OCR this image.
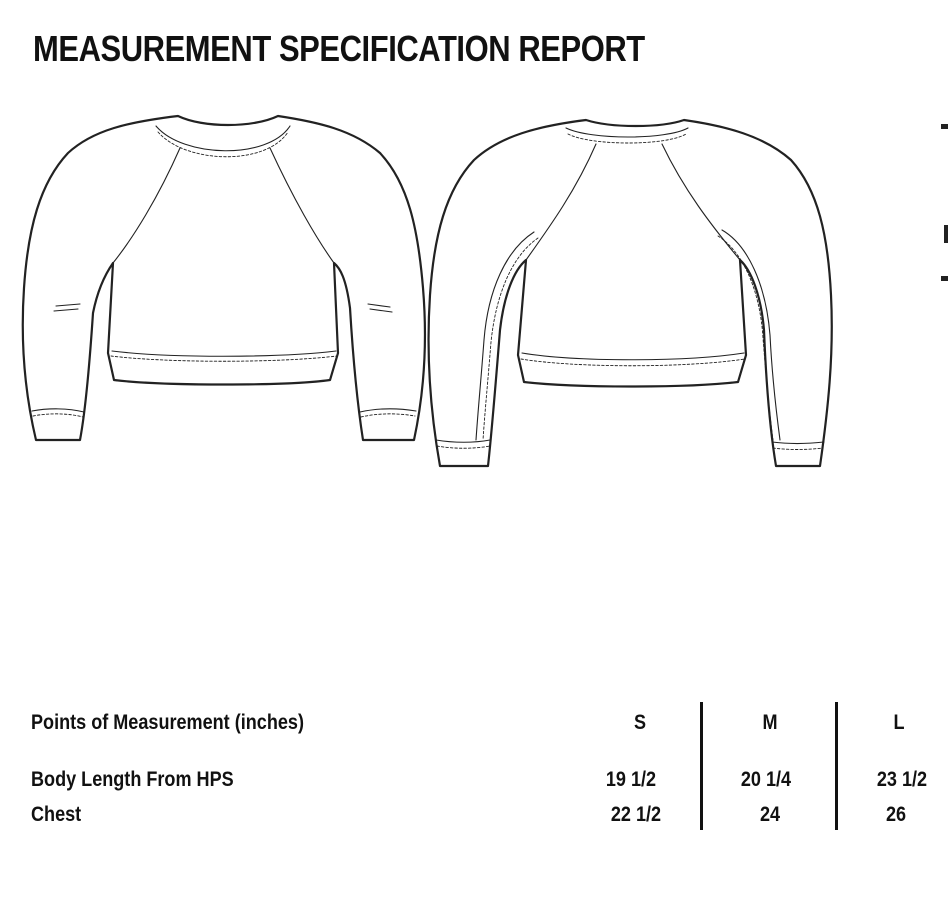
MEASUREMENT SPECIFICATION REPORT
Points of Measurement (inches)	S	M	L
Body Length From HPS	19 1/2	20 1/4	23 1/2
Chest	22 1/2	24	26
